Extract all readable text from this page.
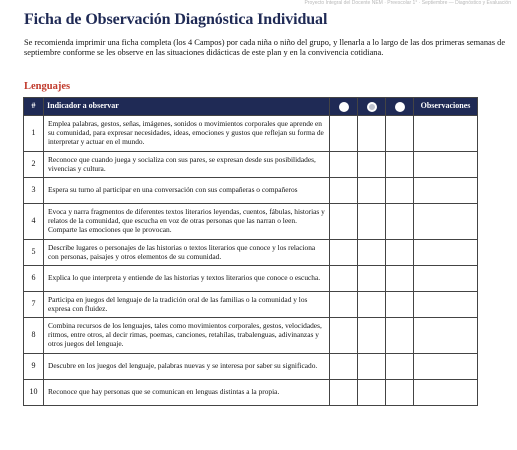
Proyecto Integral del Docente NEM · Preescolar 1° · Septiembre — Diagnóstico y Evaluación
Ficha de Observación Diagnóstica Individual
Se recomienda imprimir una ficha completa (los 4 Campos) por cada niña o niño del grupo, y llenarla a lo largo de las dos primeras semanas de septiembre conforme se les observe en las situaciones didácticas de este plan y en la convivencia cotidiana.
Lenguajes
#	Indicador a observar				Observaciones
1	Emplea palabras, gestos, señas, imágenes, sonidos o movimientos corporales que aprende en su comunidad, para expresar necesidades, ideas, emociones y gustos que reflejan su forma de interpretar y actuar en el mundo.				
2	Reconoce que cuando juega y socializa con sus pares, se expresan desde sus posibilidades, vivencias y cultura.				
3	Espera su turno al participar en una conversación con sus compañeras o compañeros				
4	Evoca y narra fragmentos de diferentes textos literarios leyendas, cuentos, fábulas, historias y relatos de la comunidad, que escucha en voz de otras personas que las narran o leen. Comparte las emociones que le provocan.				
5	Describe lugares o personajes de las historias o textos literarios que conoce y los relaciona con personas, paisajes y otros elementos de su comunidad.				
6	Explica lo que interpreta y entiende de las historias y textos literarios que conoce o escucha.				
7	Participa en juegos del lenguaje de la tradición oral de las familias o la comunidad y los expresa con fluidez.				
8	Combina recursos de los lenguajes, tales como movimientos corporales, gestos, velocidades, ritmos, entre otros, al decir rimas, poemas, canciones, retahílas, trabalenguas, adivinanzas y otros juegos del lenguaje.				
9	Descubre en los juegos del lenguaje, palabras nuevas y se interesa por saber su significado.				
10	Reconoce que hay personas que se comunican en lenguas distintas a la propia.				
